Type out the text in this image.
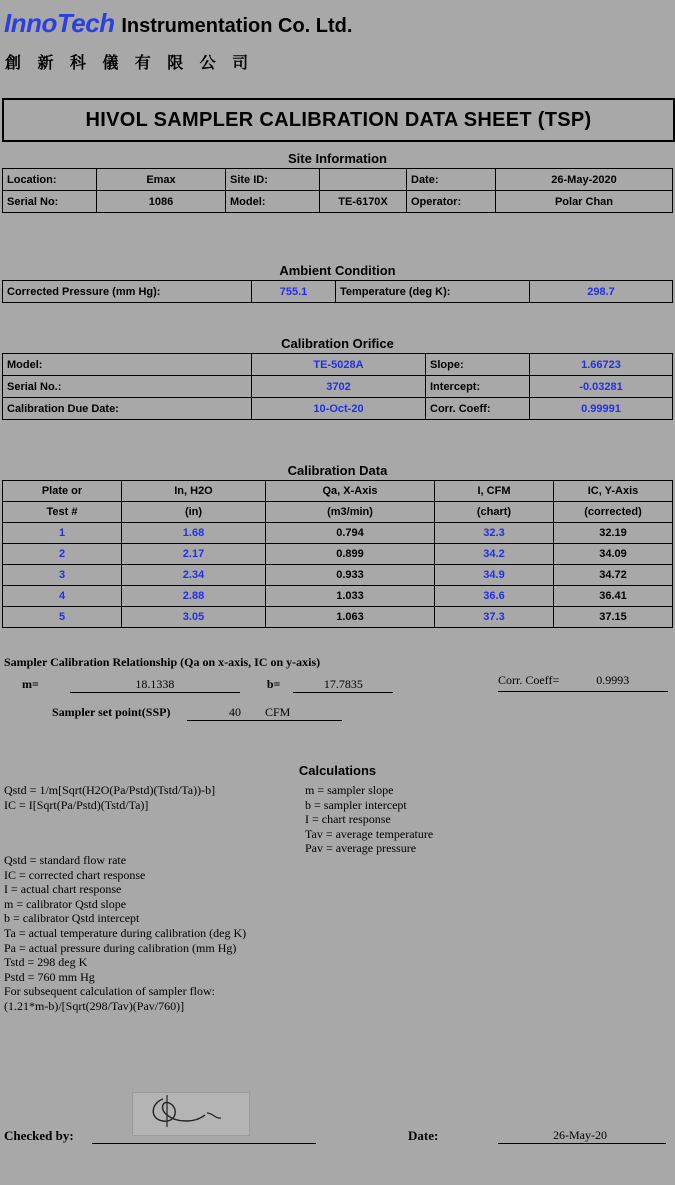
InnoTech Instrumentation Co. Ltd.
創 新 科 儀 有 限 公 司
HIVOL SAMPLER CALIBRATION DATA SHEET (TSP)
Site Information
Location:	Emax	Site ID:		Date:	26-May-2020
Serial No:	1086	Model:	TE-6170X	Operator:	Polar Chan
Ambient Condition
Corrected Pressure (mm Hg):	755.1	Temperature (deg K):	298.7
Calibration Orifice
Model:	TE-5028A	Slope:	1.66723
Serial No.:	3702	Intercept:	-0.03281
Calibration Due Date:	10-Oct-20	Corr. Coeff:	0.99991
Calibration Data
Plate or	In, H2O	Qa, X-Axis	I, CFM	IC, Y-Axis
Test #	(in)	(m3/min)	(chart)	(corrected)
1	1.68	0.794	32.3	32.19
2	2.17	0.899	34.2	34.09
3	2.34	0.933	34.9	34.72
4	2.88	1.033	36.6	36.41
5	3.05	1.063	37.3	37.15
Sampler Calibration Relationship (Qa on x-axis, IC on y-axis)
m=	18.1338	b=	17.7835	Corr. Coeff=	0.9993
Sampler set point(SSP)	40 CFM
Calculations
Qstd = 1/m[Sqrt(H2O(Pa/Pstd)(Tstd/Ta))-b]
IC = I[Sqrt(Pa/Pstd)(Tstd/Ta)]
m = sampler slope
b = sampler intercept
I = chart response
Tav = average temperature
Pav = average pressure
Qstd = standard flow rate
IC = corrected chart response
I = actual chart response
m = calibrator Qstd slope
b = calibrator Qstd intercept
Ta = actual temperature during calibration (deg K)
Pa = actual pressure during calibration (mm Hg)
Tstd = 298 deg K
Pstd = 760 mm Hg
For subsequent calculation of sampler flow:
(1.21*m-b)/[Sqrt(298/Tav)(Pav/760)]
Checked by:	Date:	26-May-20
